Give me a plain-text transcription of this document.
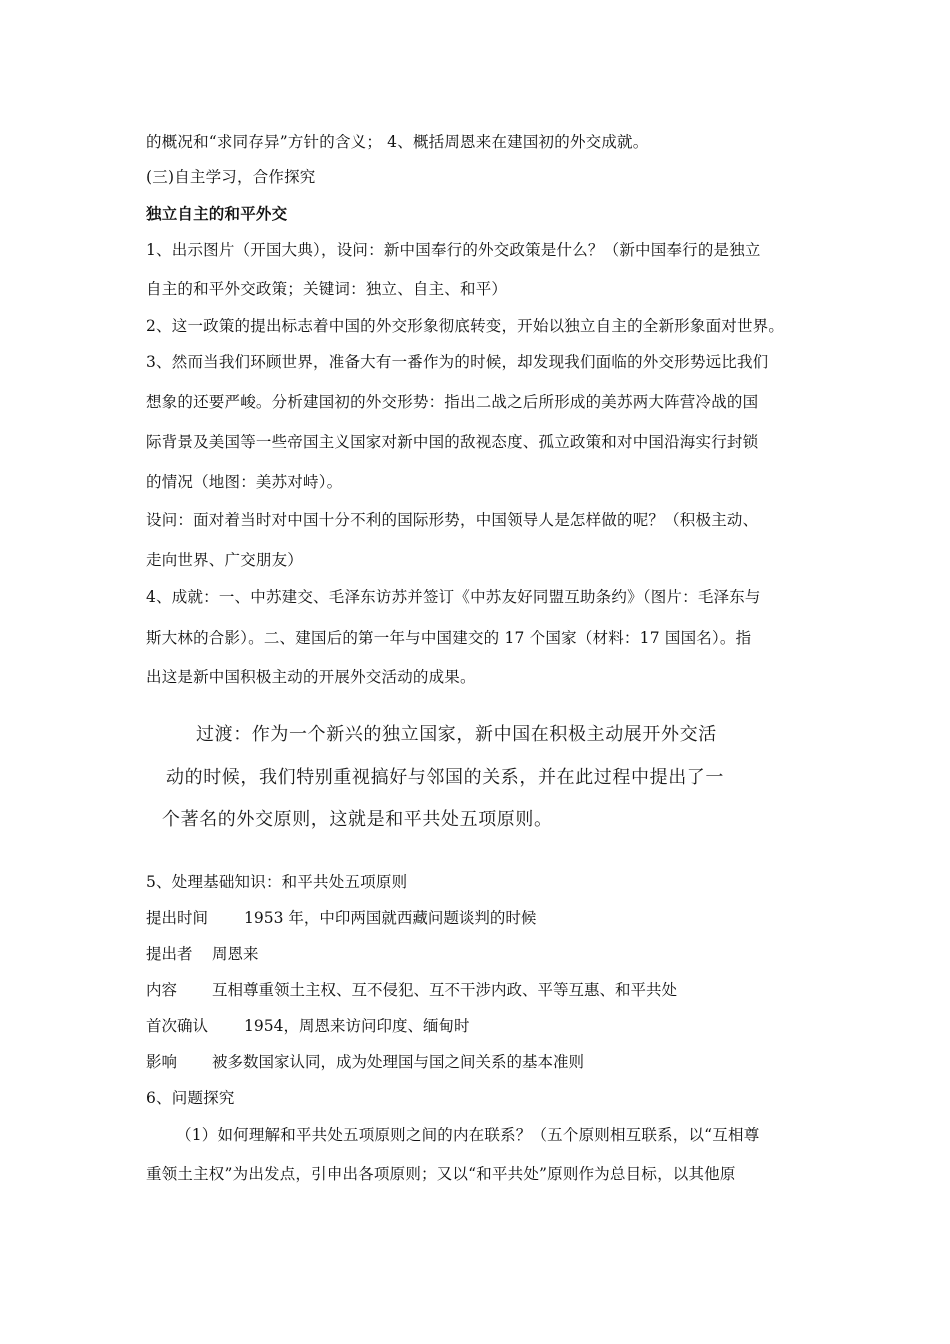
的概况和“求同存异”方针的含义； 4、概括周恩来在建国初的外交成就。
(三)自主学习，合作探究
独立自主的和平外交
1、出示图片（开国大典），设问：新中国奉行的外交政策是什么？（新中国奉行的是独立
自主的和平外交政策；关键词：独立、自主、和平）
2、这一政策的提出标志着中国的外交形象彻底转变，开始以独立自主的全新形象面对世界。
3、然而当我们环顾世界，准备大有一番作为的时候，却发现我们面临的外交形势远比我们
想象的还要严峻。分析建国初的外交形势：指出二战之后所形成的美苏两大阵营冷战的国
际背景及美国等一些帝国主义国家对新中国的敌视态度、孤立政策和对中国沿海实行封锁
的情况（地图：美苏对峙）。
设问：面对着当时对中国十分不利的国际形势，中国领导人是怎样做的呢？（积极主动、
走向世界、广交朋友）
4、成就：一、中苏建交、毛泽东访苏并签订《中苏友好同盟互助条约》（图片：毛泽东与
斯大林的合影）。二、建国后的第一年与中国建交的 17 个国家（材料：17 国国名）。指
出这是新中国积极主动的开展外交活动的成果。
过渡：作为一个新兴的独立国家，新中国在积极主动展开外交活
动的时候，我们特别重视搞好与邻国的关系，并在此过程中提出了一
个著名的外交原则，这就是和平共处五项原则。
5、处理基础知识：和平共处五项原则
提出时间 1953 年，中印两国就西藏问题谈判的时候
提出者 周恩来
内容 互相尊重领土主权、互不侵犯、互不干涉内政、平等互惠、和平共处
首次确认 1954，周恩来访问印度、缅甸时
影响 被多数国家认同，成为处理国与国之间关系的基本准则
6、问题探究
（1）如何理解和平共处五项原则之间的内在联系？（五个原则相互联系，以“互相尊
重领土主权”为出发点，引申出各项原则；又以“和平共处”原则作为总目标，以其他原
